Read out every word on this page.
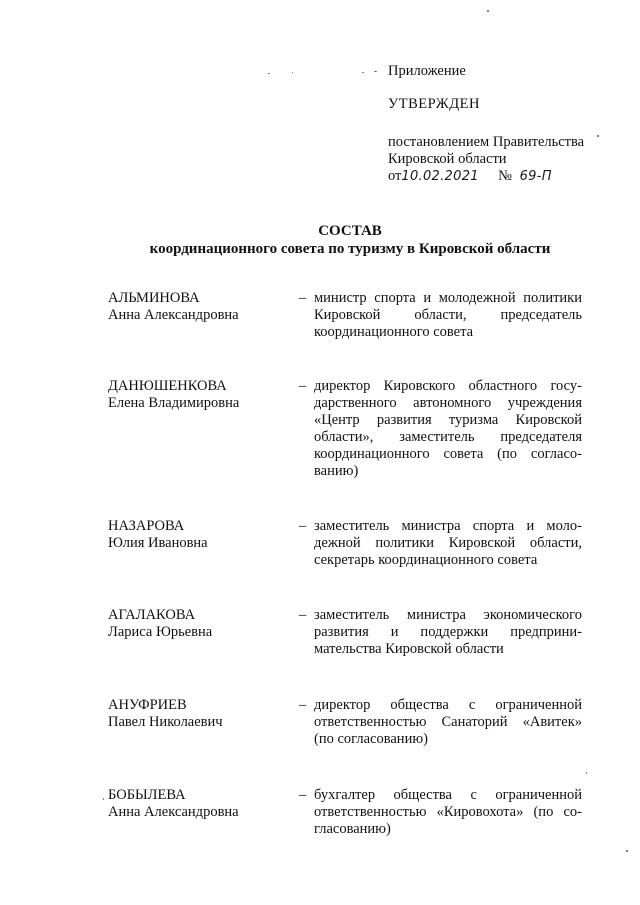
Приложение
УТВЕРЖДЕН
постановлением Правительства
Кировской области
от10.02.2021 № 69-П
СОСТАВ
координационного совета по туризму в Кировской области
АЛЬМИНОВА
Анна Александровна
– министр спорта и молодежной политики Кировской области, председатель координационного совета
ДАНЮШЕНКОВА
Елена Владимировна
– директор Кировского областного государственного автономного учреждения «Центр развития туризма Кировской области», заместитель председателя координационного совета (по согласованию)
НАЗАРОВА
Юлия Ивановна
– заместитель министра спорта и молодежной политики Кировской области, секретарь координационного совета
АГАЛАКОВА
Лариса Юрьевна
– заместитель министра экономического развития и поддержки предпринимательства Кировской области
АНУФРИЕВ
Павел Николаевич
– директор общества с ограниченной ответственностью Санаторий «Авитек» (по согласованию)
БОБЫЛЕВА
Анна Александровна
– бухгалтер общества с ограниченной ответственностью «Кировохота» (по согласованию)
